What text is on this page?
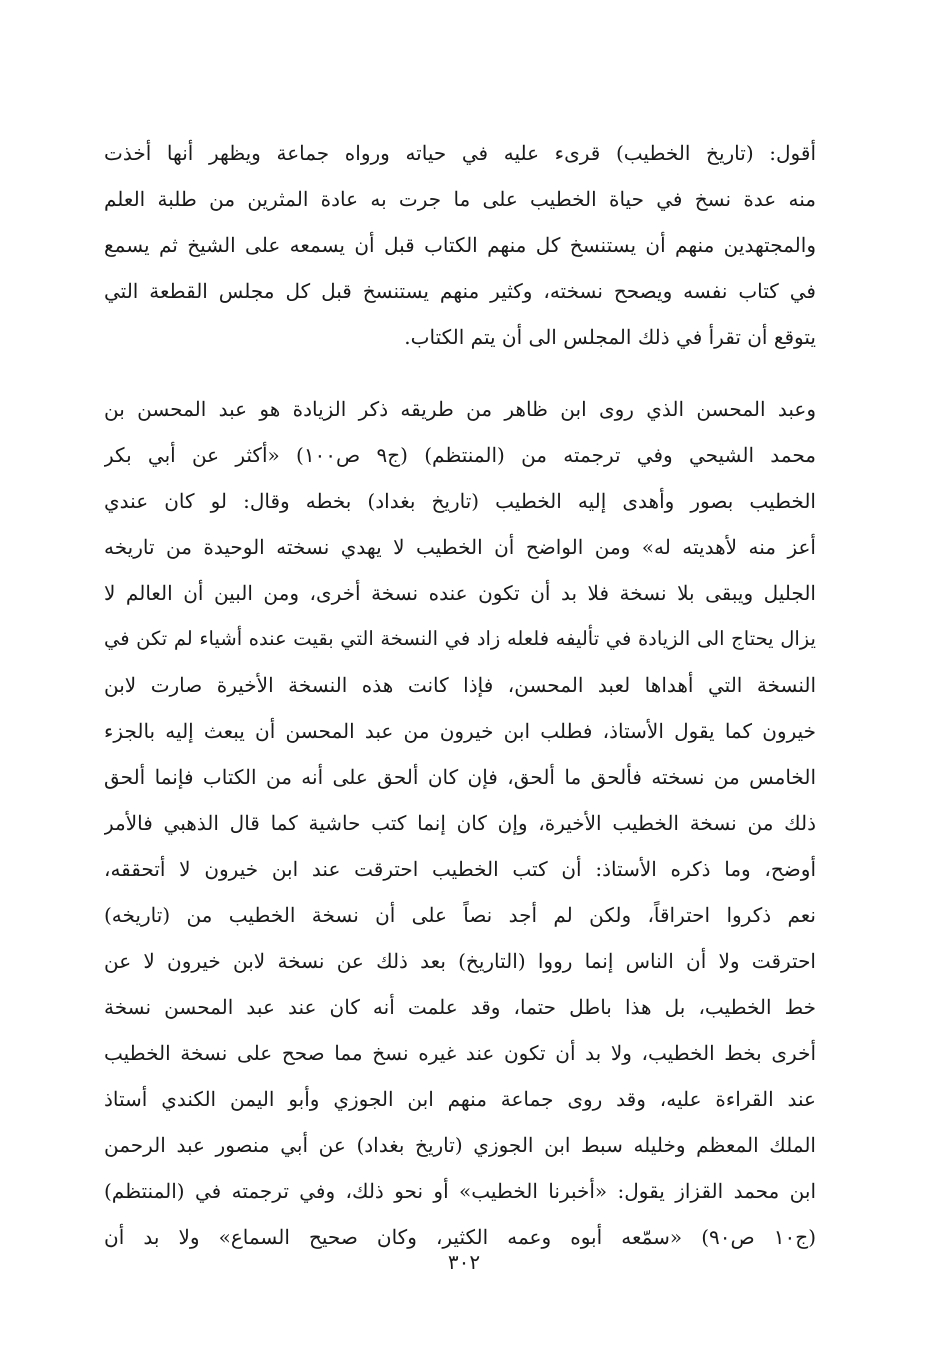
أقول: (تاريخ الخطيب) قرىء عليه في حياته ورواه جماعة ويظهر أنها أخذت
منه عدة نسخ في حياة الخطيب على ما جرت به عادة المثرين من طلبة العلم
والمجتهدين منهم أن يستنسخ كل منهم الكتاب قبل أن يسمعه على الشيخ ثم يسمع
في كتاب نفسه ويصحح نسخته، وكثير منهم يستنسخ قبل كل مجلس القطعة التي
يتوقع أن تقرأ في ذلك المجلس الى أن يتم الكتاب.
وعبد المحسن الذي روى ابن ظاهر من طريقه ذكر الزيادة هو عبد المحسن بن
محمد الشيحي وفي ترجمته من (المنتظم) (ج٩ ص١٠٠) «أكثر عن أبي بكر
الخطيب بصور وأهدى إليه الخطيب (تاريخ بغداد) بخطه وقال: لو كان عندي
أعز منه لأهديته له» ومن الواضح أن الخطيب لا يهدي نسخته الوحيدة من تاريخه
الجليل ويبقى بلا نسخة فلا بد أن تكون عنده نسخة أخرى، ومن البين أن العالم لا
يزال يحتاج الى الزيادة في تأليفه فلعله زاد في النسخة التي بقيت عنده أشياء لم تكن في
النسخة التي أهداها لعبد المحسن، فإذا كانت هذه النسخة الأخيرة صارت لابن
خيرون كما يقول الأستاذ، فطلب ابن خيرون من عبد المحسن أن يبعث إليه بالجزء
الخامس من نسخته فألحق ما ألحق، فإن كان ألحق على أنه من الكتاب فإنما ألحق
ذلك من نسخة الخطيب الأخيرة، وإن كان إنما كتب حاشية كما قال الذهبي فالأمر
أوضح، وما ذكره الأستاذ: أن كتب الخطيب احترقت عند ابن خيرون لا أتحققه،
نعم ذكروا احتراقاً، ولكن لم أجد نصاً على أن نسخة الخطيب من (تاريخه)
احترقت ولا أن الناس إنما رووا (التاريخ) بعد ذلك عن نسخة لابن خيرون لا عن
خط الخطيب، بل هذا باطل حتما، وقد علمت أنه كان عند عبد المحسن نسخة
أخرى بخط الخطيب، ولا بد أن تكون عند غيره نسخ مما صحح على نسخة الخطيب
عند القراءة عليه، وقد روى جماعة منهم ابن الجوزي وأبو اليمن الكندي أستاذ
الملك المعظم وخليله سبط ابن الجوزي (تاريخ بغداد) عن أبي منصور عبد الرحمن
ابن محمد القزاز يقول: «أخبرنا الخطيب» أو نحو ذلك، وفي ترجمته في (المنتظم)
(ج١٠ ص٩٠) «سمّعه أبوه وعمه الكثير، وكان صحيح السماع» ولا بد أن
٣٠٢
